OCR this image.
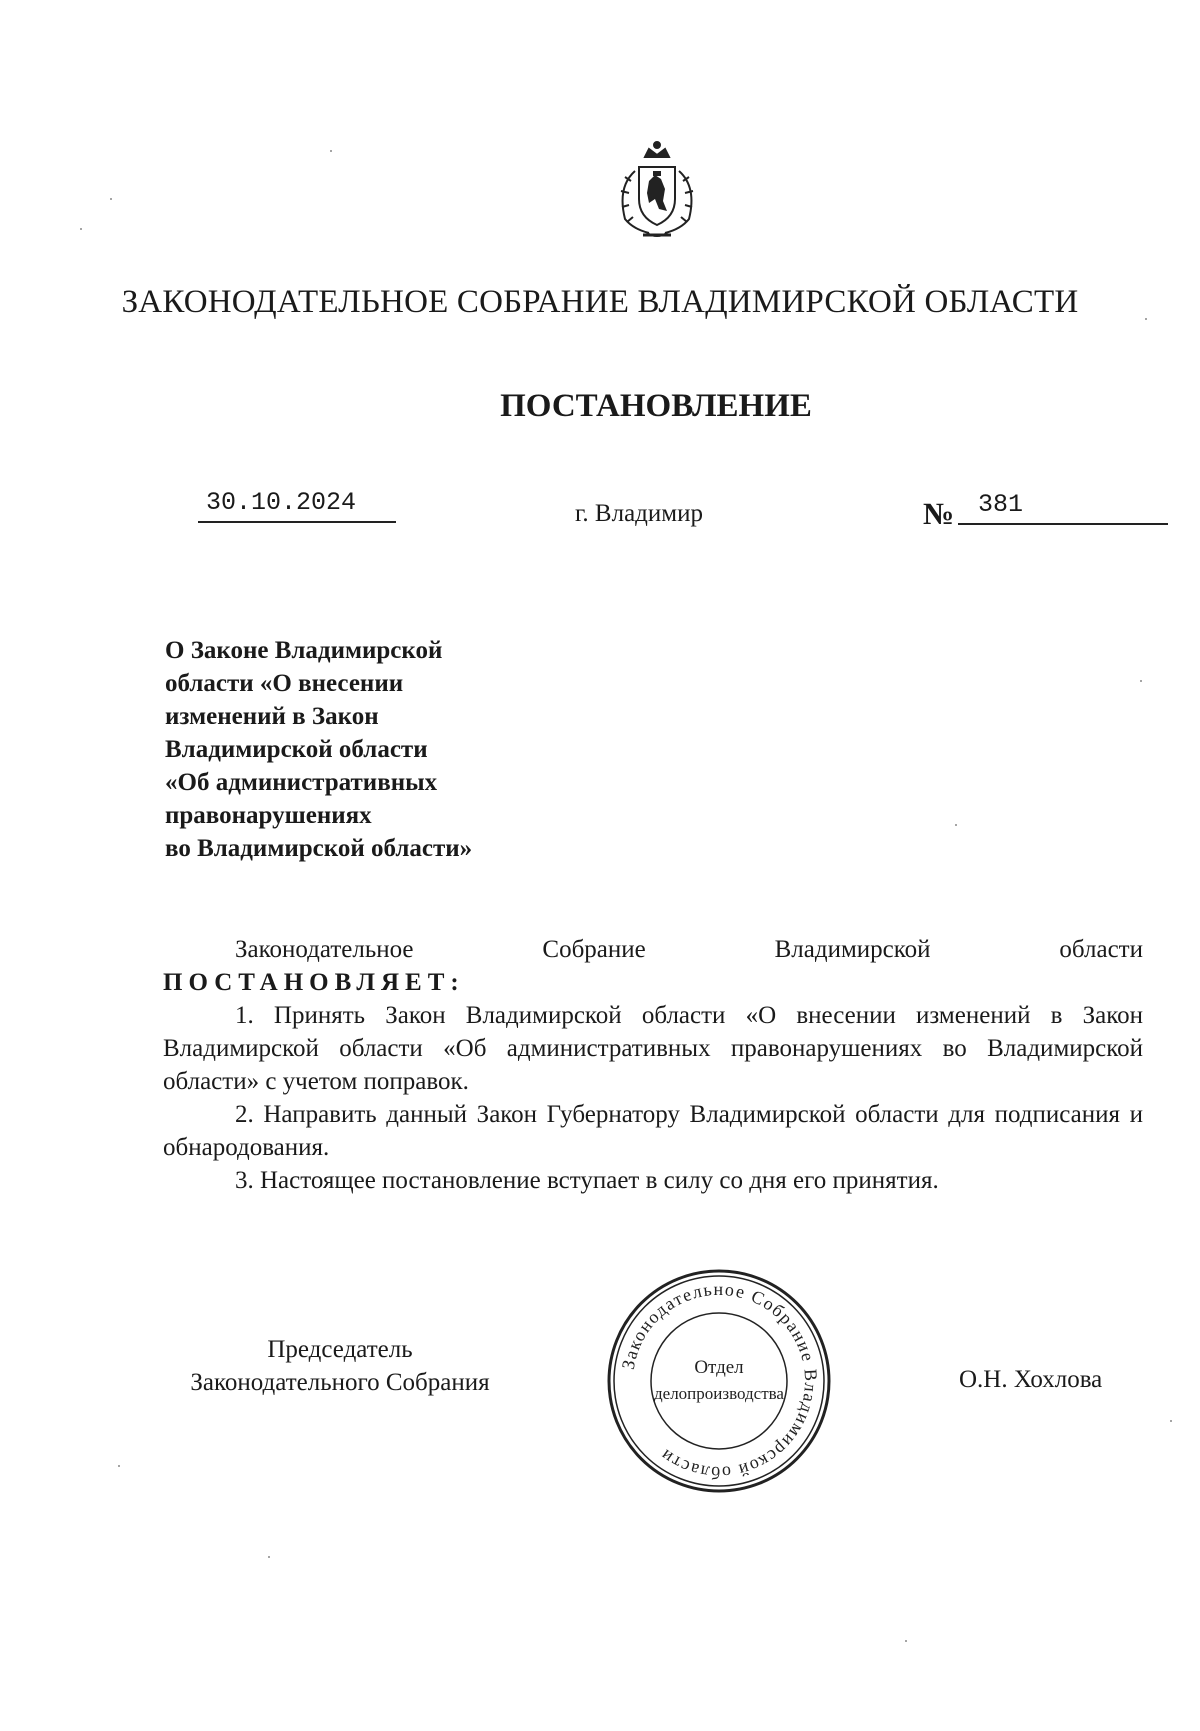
ЗАКОНОДАТЕЛЬНОЕ СОБРАНИЕ ВЛАДИМИРСКОЙ ОБЛАСТИ
ПОСТАНОВЛЕНИЕ
30.10.2024	г. Владимир	№ 381
О Законе Владимирской
области «О внесении
изменений в Закон
Владимирской области
«Об административных
правонарушениях
во Владимирской области»

Законодательное Собрание Владимирской области

ПОСТАНОВЛЯЕТ:

1. Принять Закон Владимирской области «О внесении изменений в Закон Владимирской области «Об административных правонарушениях во Владимирской области» с учетом поправок.

2. Направить данный Закон Губернатору Владимирской области для подписания и обнародования.

3. Настоящее постановление вступает в силу со дня его принятия.

Председатель
Законодательного Собрания	О.Н. Хохлова
Законодательное Собрание Владимирской области
Отдел
делопроизводства
